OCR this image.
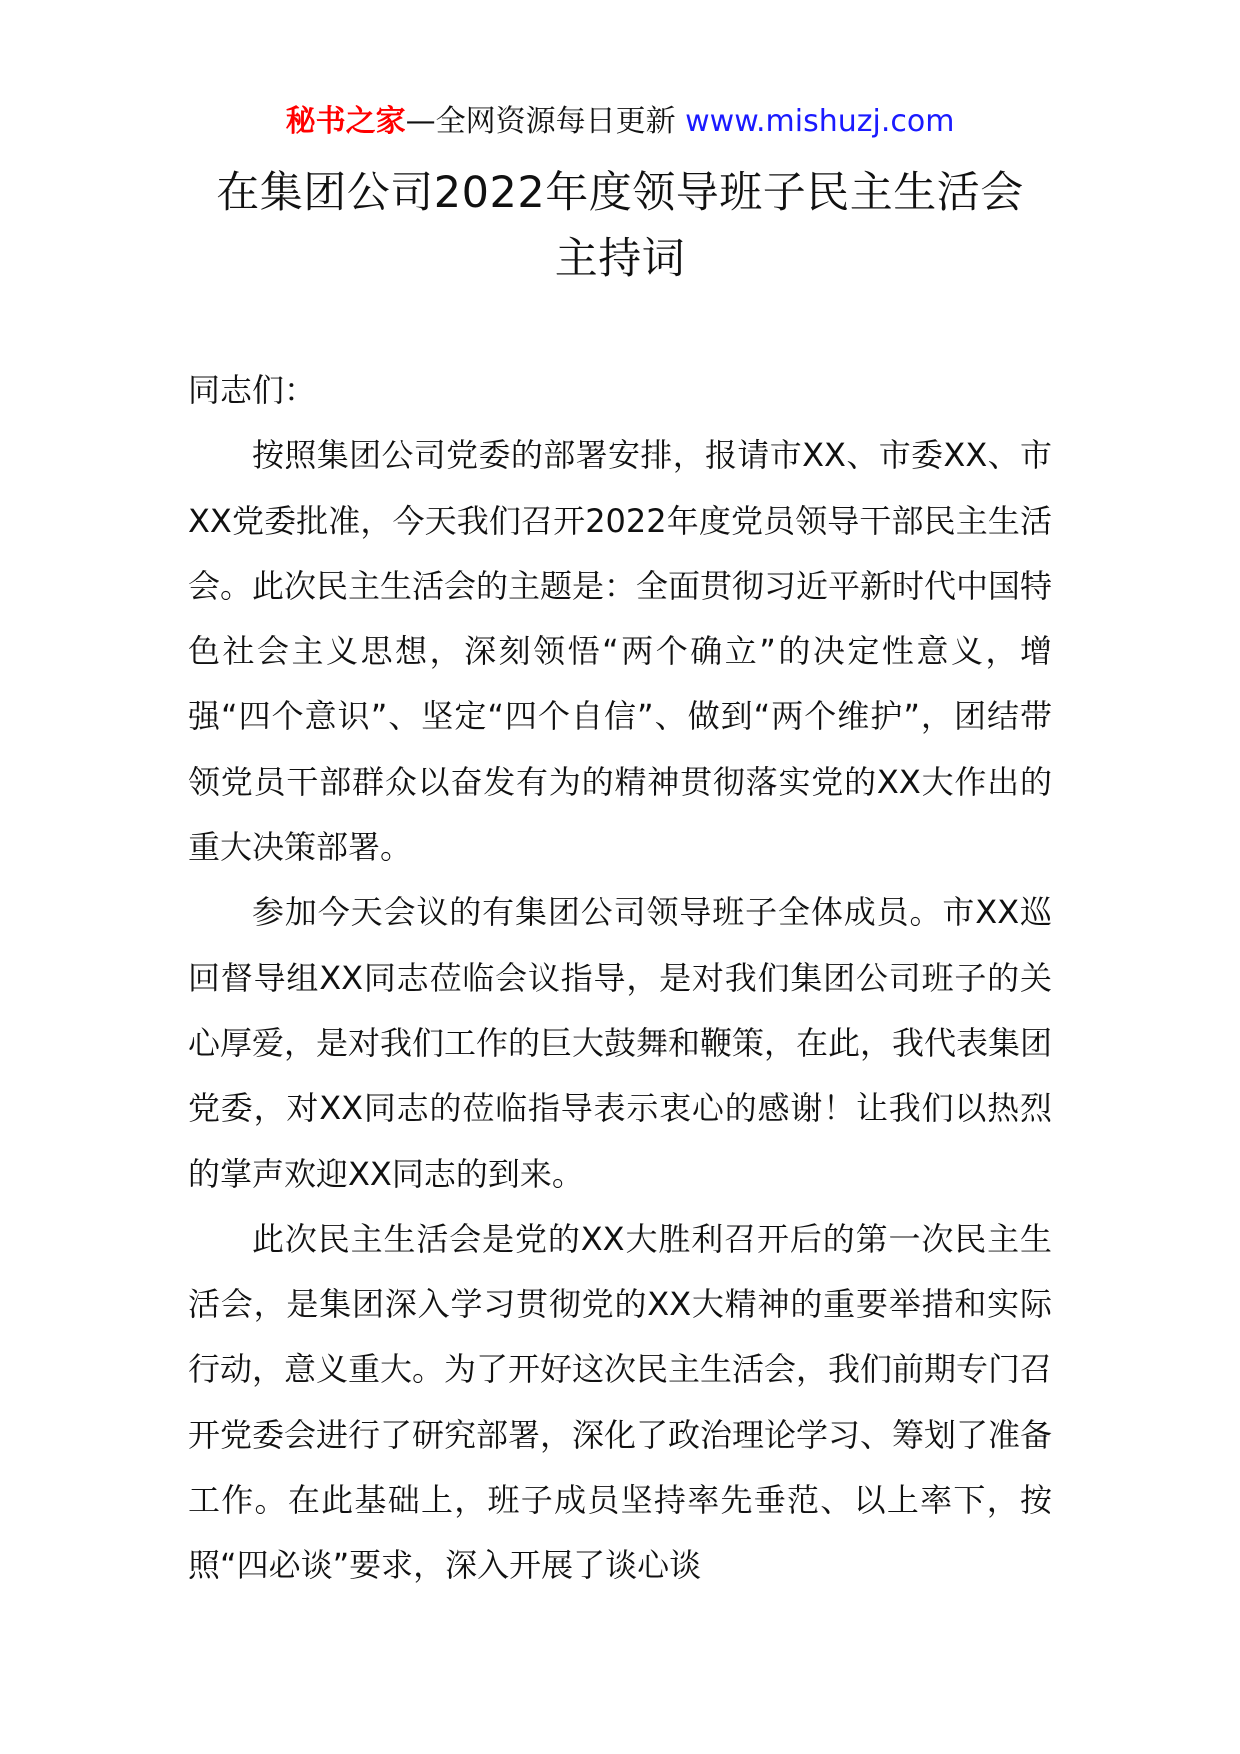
秘书之家—全网资源每日更新 www.mishuzj.com
在集团公司2022年度领导班子民主生活会
主持词

同志们：

按照集团公司党委的部署安排，报请市XX、市委XX、市XX党委批准，今天我们召开2022年度党员领导干部民主生活会。此次民主生活会的主题是：全面贯彻习近平新时代中国特色社会主义思想，深刻领悟“两个确立”的决定性意义，增强“四个意识”、坚定“四个自信”、做到“两个维护”，团结带领党员干部群众以奋发有为的精神贯彻落实党的XX大作出的重大决策部署。

参加今天会议的有集团公司领导班子全体成员。市XX巡回督导组XX同志莅临会议指导，是对我们集团公司班子的关心厚爱，是对我们工作的巨大鼓舞和鞭策，在此，我代表集团党委，对XX同志的莅临指导表示衷心的感谢！让我们以热烈的掌声欢迎XX同志的到来。

此次民主生活会是党的XX大胜利召开后的第一次民主生活会，是集团深入学习贯彻党的XX大精神的重要举措和实际行动，意义重大。为了开好这次民主生活会，我们前期专门召开党委会进行了研究部署，深化了政治理论学习、筹划了准备工作。在此基础上，班子成员坚持率先垂范、以上率下，按照“四必谈”要求，深入开展了谈心谈
